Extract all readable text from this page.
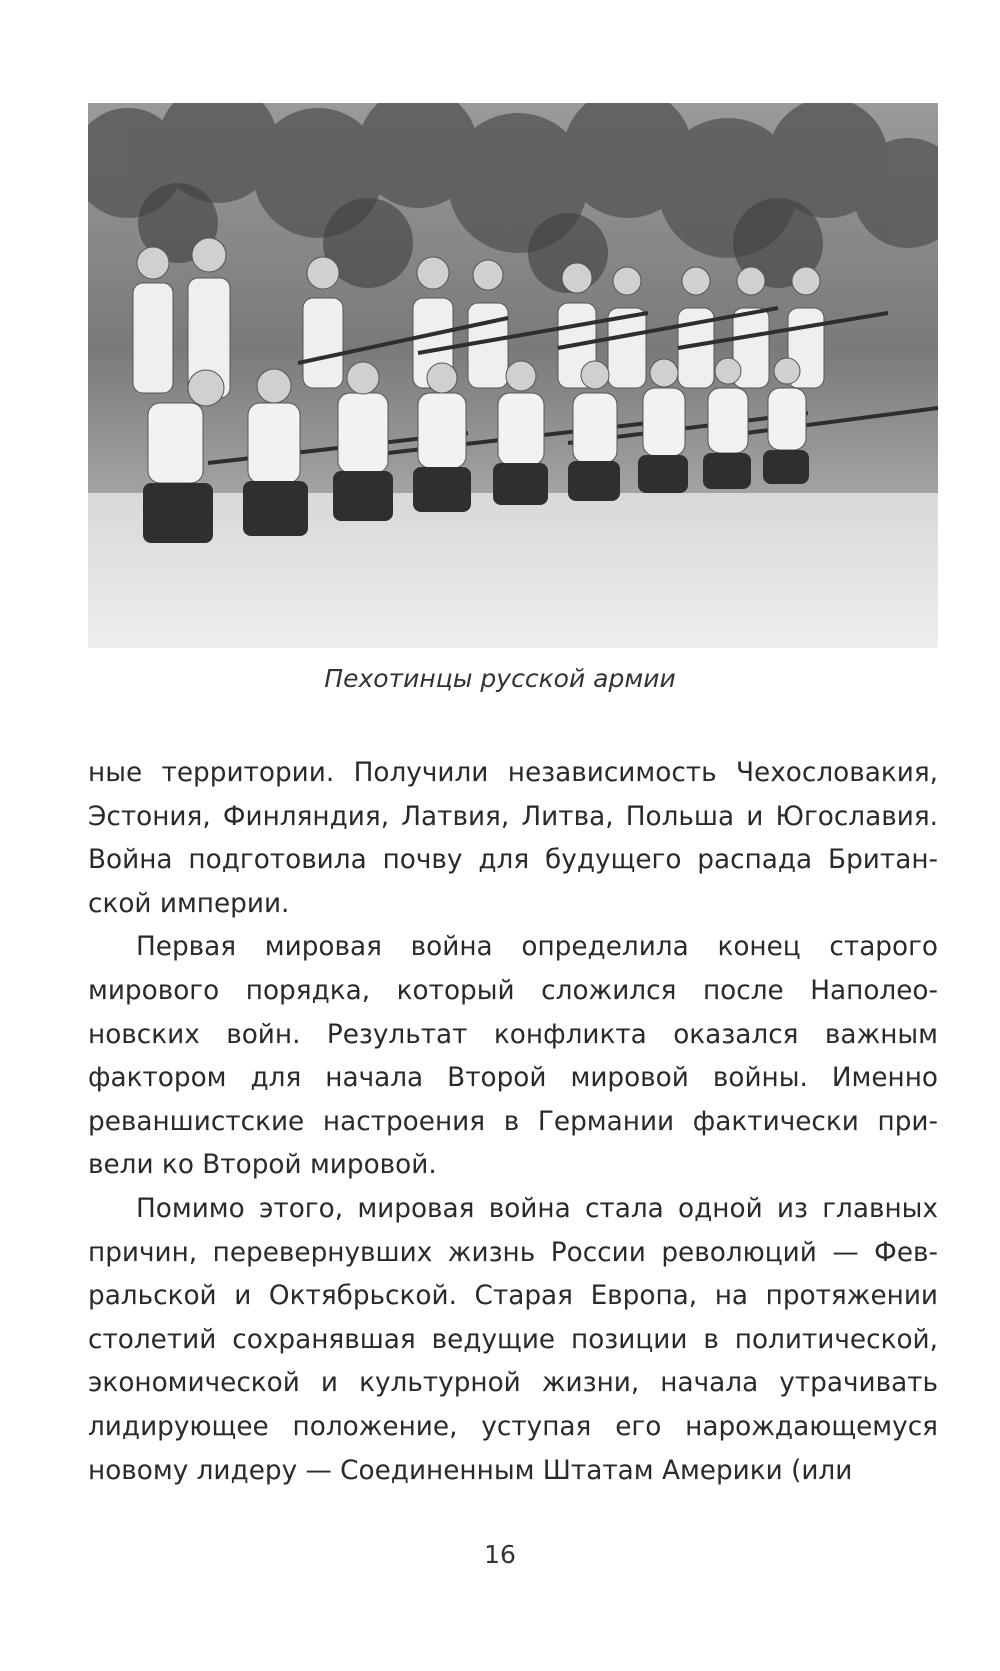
Пехотинцы русской армии

ные территории. Получили независимость Чехословакия,
Эстония, Финляндия, Латвия, Литва, Польша и Югославия.
Война подготовила почву для будущего распада Британ-
ской империи.

Первая мировая война определила конец старого
мирового порядка, который сложился после Наполео-
новских войн. Результат конфликта оказался важным
фактором для начала Второй мировой войны. Именно
реваншистские настроения в Германии фактически при-
вели ко Второй мировой.

Помимо этого, мировая война стала одной из главных
причин, перевернувших жизнь России революций — Фев-
ральской и Октябрьской. Старая Европа, на протяжении
столетий сохранявшая ведущие позиции в политической,
экономической и культурной жизни, начала утрачивать
лидирующее положение, уступая его нарождающемуся
новому лидеру — Соединенным Штатам Америки (или

16
